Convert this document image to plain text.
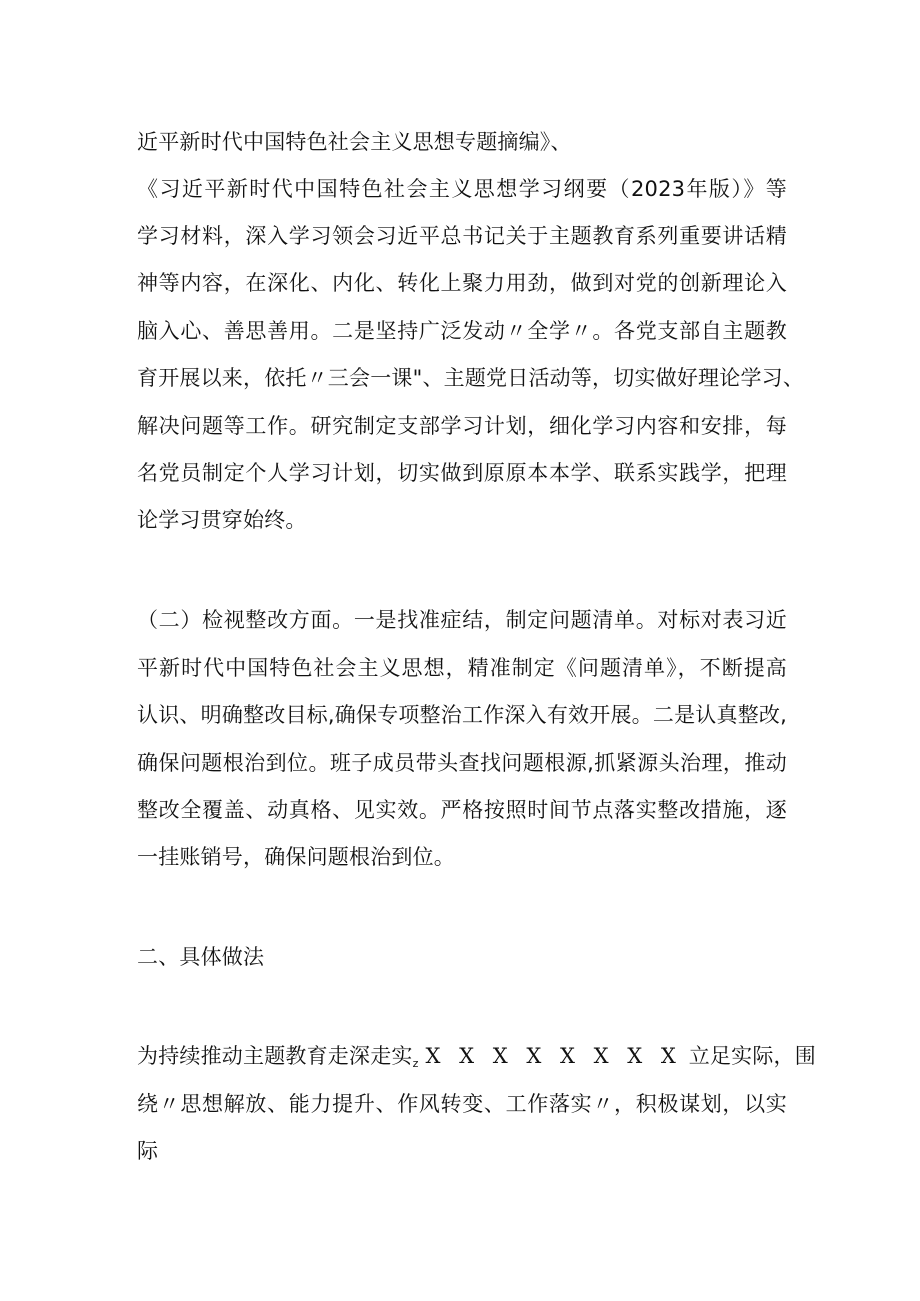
近平新时代中国特色社会主义思想专题摘编》、
《习近平新时代中国特色社会主义思想学习纲要（2023年版）》等
学习材料，深入学习领会习近平总书记关于主题教育系列重要讲话精
神等内容，在深化、内化、转化上聚力用劲，做到对党的创新理论入
脑入心、善思善用。二是坚持广泛发动〃全学〃。各党支部自主题教
育开展以来，依托〃三会一课"、主题党日活动等，切实做好理论学习、
解决问题等工作。研究制定支部学习计划，细化学习内容和安排，每
名党员制定个人学习计划，切实做到原原本本学、联系实践学，把理
论学习贯穿始终。
（二）检视整改方面。一是找准症结，制定问题清单。对标对表习近
平新时代中国特色社会主义思想，精准制定《问题清单》，不断提高
认识、明确整改目标,确保专项整治工作深入有效开展。二是认真整改,
确保问题根治到位。班子成员带头查找问题根源,抓紧源头治理，推动
整改全覆盖、动真格、见实效。严格按照时间节点落实整改措施，逐
一挂账销号，确保问题根治到位。
二、具体做法
为持续推动主题教育走深走实$_z$ X X X X X X X X 立足实际，围
绕〃思想解放、能力提升、作风转变、工作落实〃，积极谋划，以实
际
